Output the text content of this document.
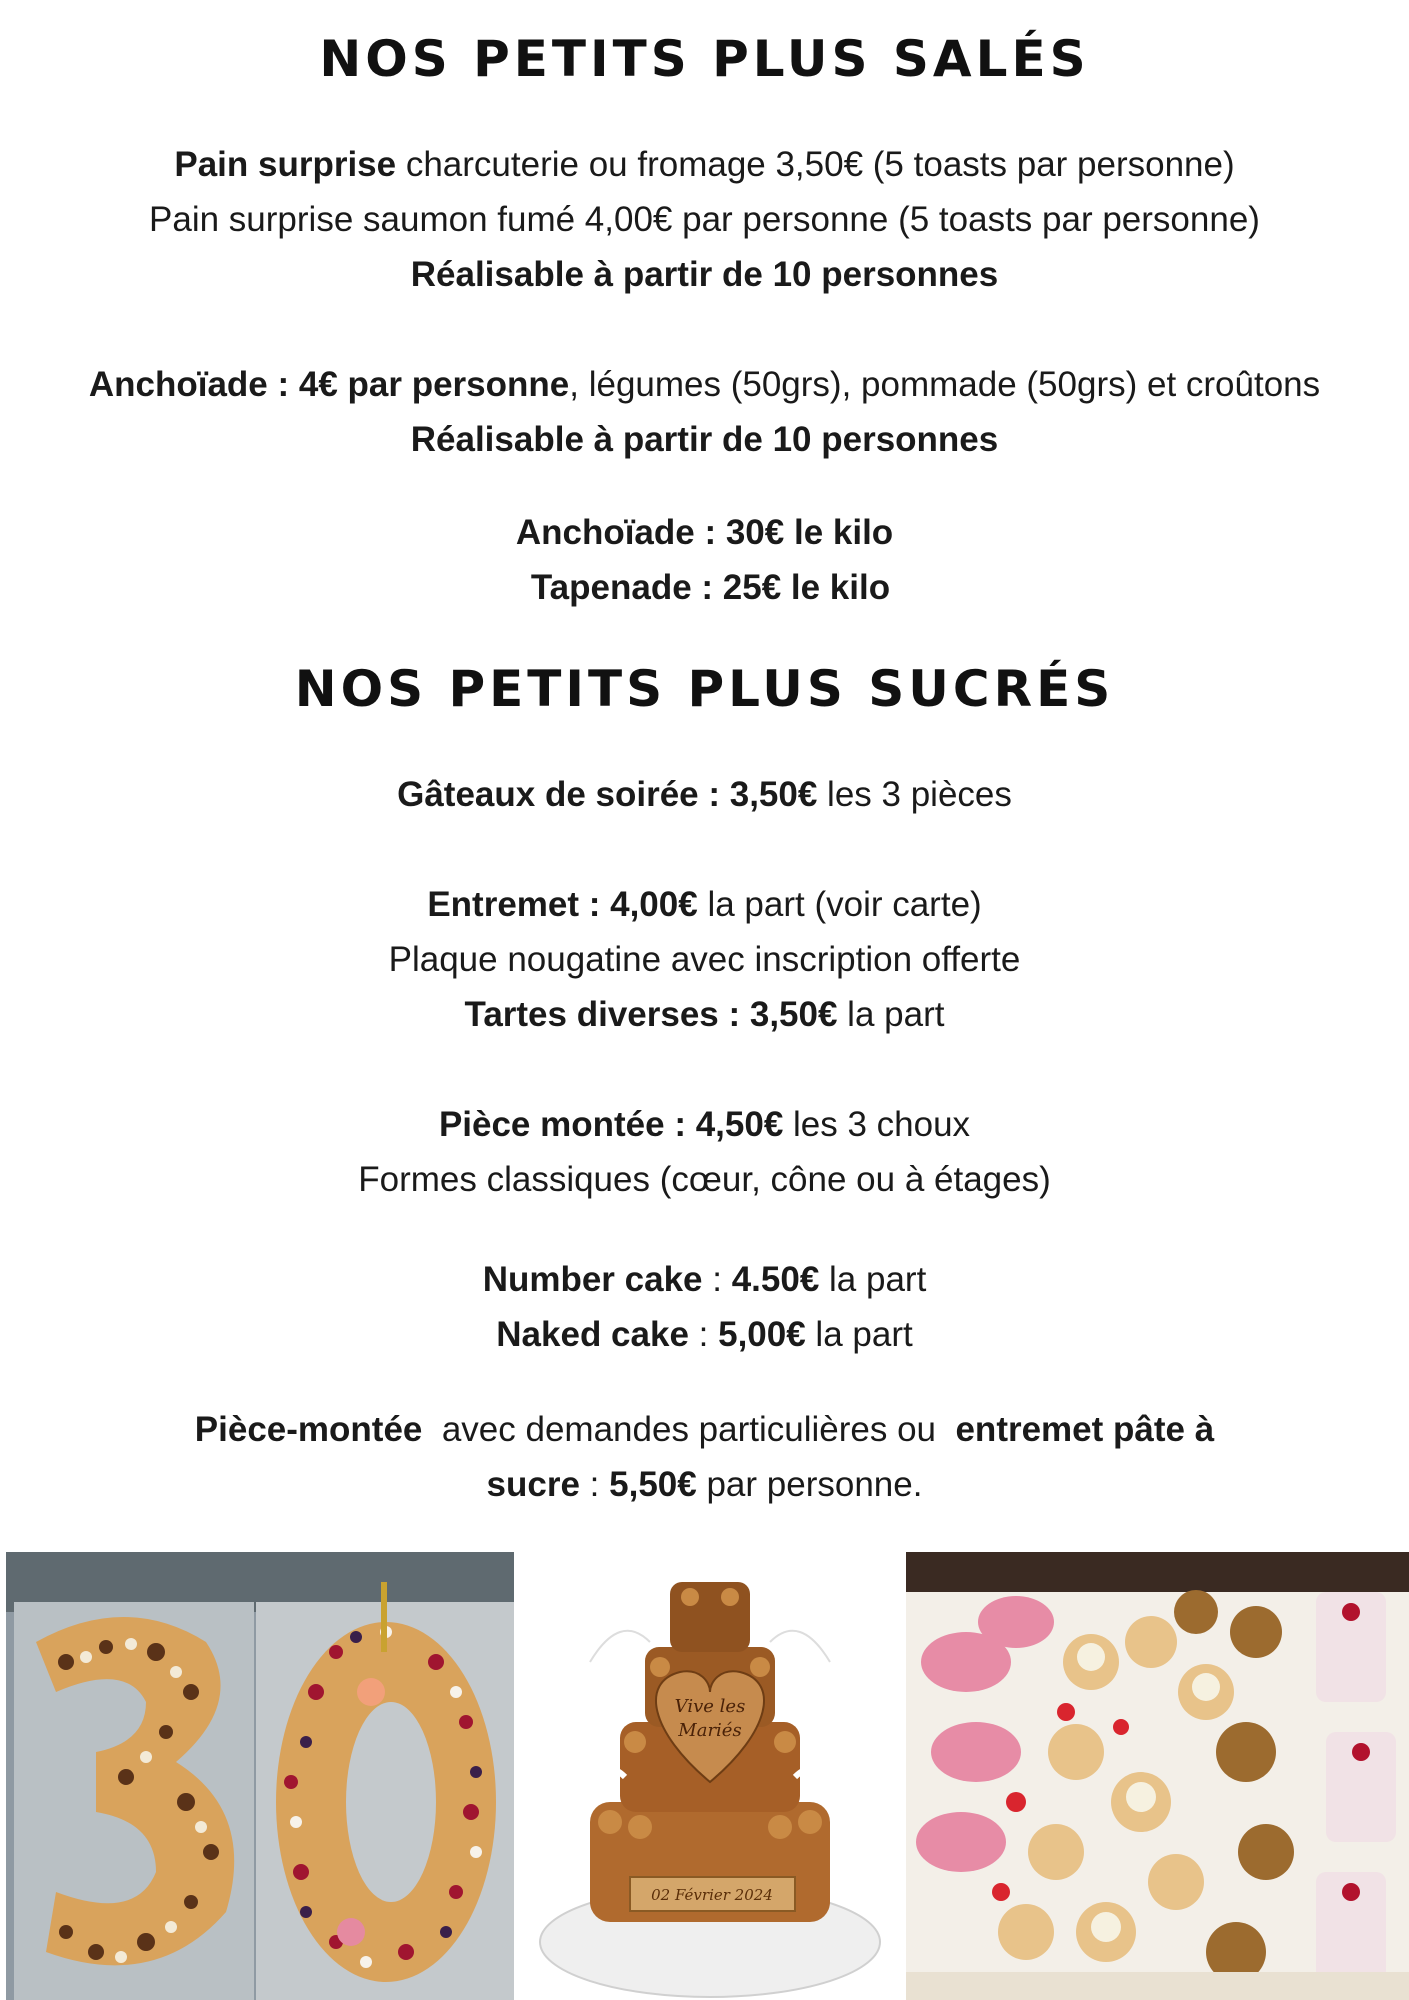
NOS PETITS PLUS SALÉS
Pain surprise charcuterie ou fromage 3,50€ (5 toasts par personne)
Pain surprise saumon fumé 4,00€ par personne (5 toasts par personne)
Réalisable à partir de 10 personnes
Anchoïade : 4€ par personne, légumes (50grs), pommade (50grs) et croûtons
Réalisable à partir de 10 personnes
Anchoïade : 30€ le kilo
Tapenade : 25€ le kilo
NOS PETITS PLUS SUCRÉS
Gâteaux de soirée : 3,50€ les 3 pièces
Entremet : 4,00€ la part (voir carte)
Plaque nougatine avec inscription offerte
Tartes diverses : 3,50€ la part
Pièce montée : 4,50€ les 3 choux
Formes classiques (cœur, cône ou à étages)
Number cake : 4.50€ la part
Naked cake : 5,00€ la part
Pièce-montée  avec demandes particulières ou  entremet pâte à
sucre : 5,50€ par personne.
Vive les
Mariés
02 Février 2024
